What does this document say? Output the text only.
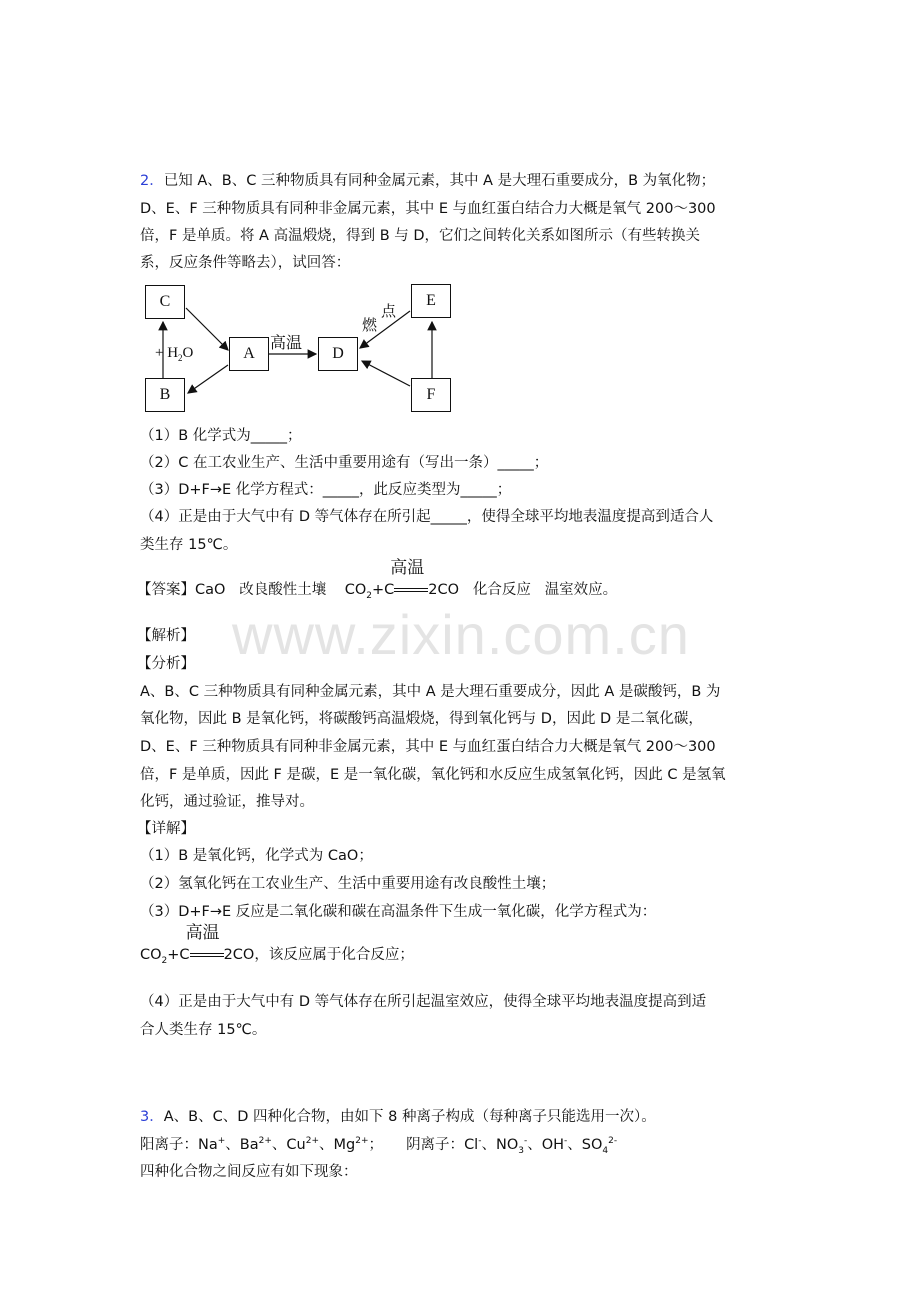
www.zixin.com.cn
2．已知 A、B、C 三种物质具有同种金属元素，其中 A 是大理石重要成分，B 为氧化物；
D、E、F 三种物质具有同种非金属元素，其中 E 与血红蛋白结合力大概是氧气 200～300
倍，F 是单质。将 A 高温煅烧，得到 B 与 D，它们之间转化关系如图所示（有些转换关
系，反应条件等略去），试回答：
C
A
B
D
E
F
+ $H_2O$
高温
点
燃
（1）B 化学式为_____；
（2）C 在工农业生产、生活中重要用途有（写出一条）_____；
（3）D+F→E 化学方程式：_____，此反应类型为_____；
（4）正是由于大气中有 D 等气体存在所引起_____，使得全球平均地表温度提高到适合人
类生存 15℃。
【答案】CaO 改良酸性土壤 $CO_2+C$
高温
2CO 化合反应 温室效应。
【解析】
【分析】
A、B、C 三种物质具有同种金属元素，其中 A 是大理石重要成分，因此 A 是碳酸钙，B 为
氧化物，因此 B 是氧化钙，将碳酸钙高温煅烧，得到氧化钙与 D，因此 D 是二氧化碳，
D、E、F 三种物质具有同种非金属元素，其中 E 与血红蛋白结合力大概是氧气 200～300
倍，F 是单质，因此 F 是碳，E 是一氧化碳，氧化钙和水反应生成氢氧化钙，因此 C 是氢氧
化钙，通过验证，推导对。
【详解】
（1）B 是氧化钙，化学式为 CaO；
（2）氢氧化钙在工农业生产、生活中重要用途有改良酸性土壤；
（3）D+F→E 反应是二氧化碳和碳在高温条件下生成一氧化碳，化学方程式为：
$CO_2+C$
高温
2CO，该反应属于化合反应；
（4）正是由于大气中有 D 等气体存在所引起温室效应，使得全球平均地表温度提高到适
合人类生存 15℃。
3．A、B、C、D 四种化合物，由如下 8 种离子构成（每种离子只能选用一次）。
阳离子：Na+、$Ba^{2+}$、$Cu^{2+}$、$Mg^{2+}$； 阴离子：Cl-、$NO_3^-$、OH-、$SO_4^{2-}$
四种化合物之间反应有如下现象：
